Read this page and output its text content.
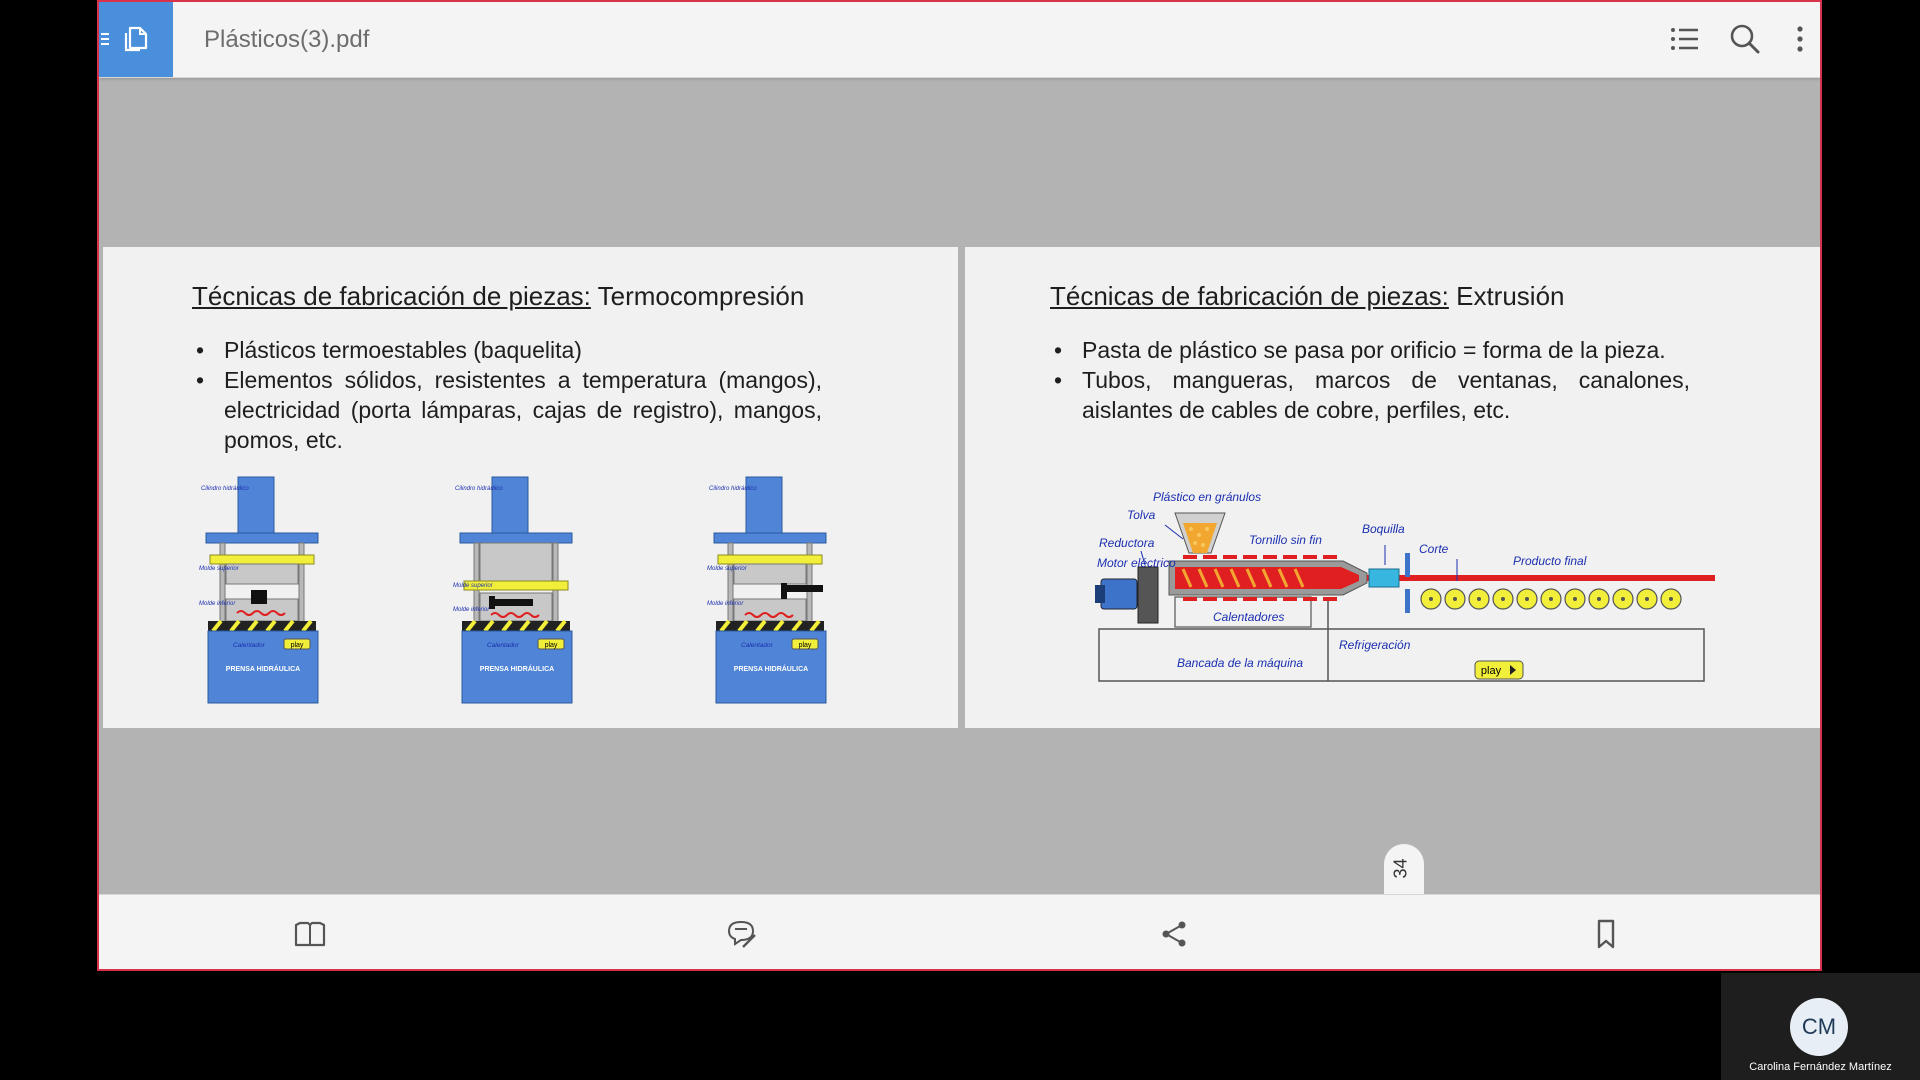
Plásticos(3).pdf
Técnicas de fabricación de piezas: Termocompresión
• Plásticos termoestables (baquelita)
• Elementos sólidos, resistentes a temperatura (mangos), electricidad (porta lámparas, cajas de registro), mangos, pomos, etc.
play
Calentador
PRENSA HIDRÁULICA
Cilindro hidráulico
Molde superior
Molde inferior
play
Calentador
PRENSA HIDRÁULICA
Cilindro hidráulico
Molde superior
Molde inferior
play
Calentador
PRENSA HIDRÁULICA
Cilindro hidráulico
Molde superior
Molde inferior
Técnicas de fabricación de piezas: Extrusión
• Pasta de plástico se pasa por orificio = forma de la pieza.
• Tubos, mangueras, marcos de ventanas, canalones, aislantes de cables de cobre, perfiles, etc.
play
Plástico en gránulos
Tolva
Reductora
Motor eléctrico
Tornillo sin fin
Boquilla
Corte
Producto final
Calentadores
Refrigeración
Bancada de la máquina
34
CM
Carolina Fernández Martínez
